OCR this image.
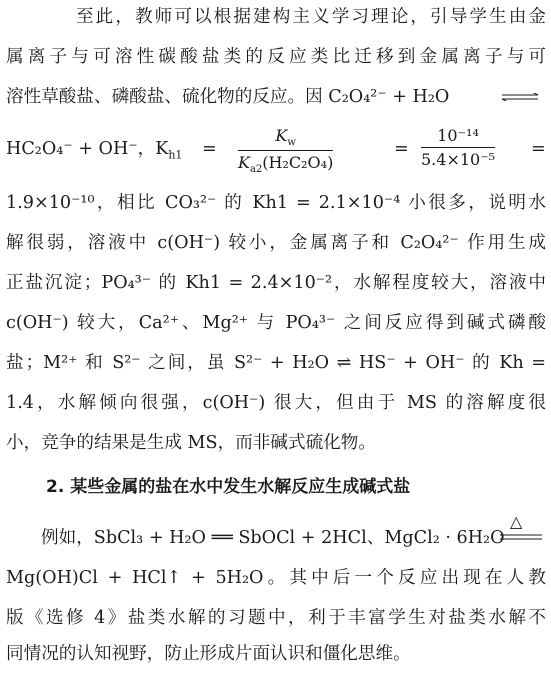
至此，教师可以根据建构主义学习理论，引导学生由金
属离子与可溶性碳酸盐类的反应类比迁移到金属离子与可
溶性草酸盐、磷酸盐、硫化物的反应。因 C₂O₄²⁻ + H₂O
HC₂O₄⁻ + OH⁻，$K_{h1} = \frac{K_w}{K_{a2}(H_2C_2O_4)}$	= $\frac{\text{10⁻¹⁴}}{\text{5.4×10⁻⁵}}$ =
1.9×10⁻¹⁰，相比 CO₃²⁻ 的 Kh1 = 2.1×10⁻⁴ 小很多，说明水
解很弱，溶液中 c(OH⁻) 较小，金属离子和 C₂O₄²⁻ 作用生成
正盐沉淀；PO₄³⁻ 的 Kh1 = 2.4×10⁻²，水解程度较大，溶液中
c(OH⁻) 较大，Ca²⁺、Mg²⁺ 与 PO₄³⁻ 之间反应得到碱式磷酸
盐；M²⁺ 和 S²⁻ 之间，虽 S²⁻ + H₂O ⇌ HS⁻ + OH⁻ 的 Kh =
1.4，水解倾向很强，c(OH⁻) 很大，但由于 MS 的溶解度很
小，竞争的结果是生成 MS，而非碱式硫化物。
2. 某些金属的盐在水中发生水解反应生成碱式盐
例如，SbCl₃ + H₂O ══ SbOCl + 2HCl、MgCl₂ · 6H₂O
△
Mg(OH)Cl + HCl↑ + 5H₂O。其中后一个反应出现在人教
版《选修 4》盐类水解的习题中，利于丰富学生对盐类水解不
同情况的认知视野，防止形成片面认识和僵化思维。
